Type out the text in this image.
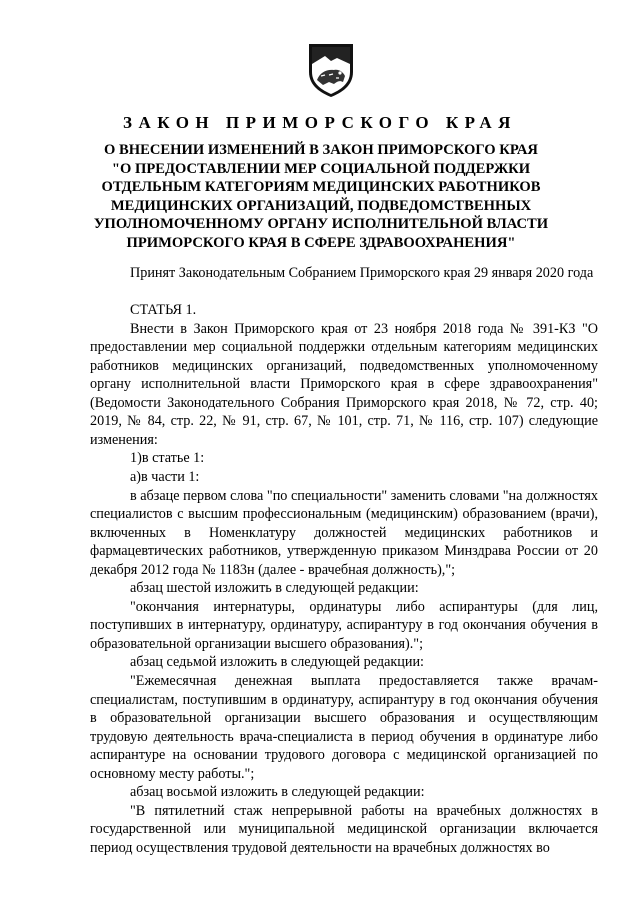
ЗАКОН ПРИМОРСКОГО КРАЯ
О ВНЕСЕНИИ ИЗМЕНЕНИЙ В ЗАКОН ПРИМОРСКОГО КРАЯ
"О ПРЕДОСТАВЛЕНИИ МЕР СОЦИАЛЬНОЙ ПОДДЕРЖКИ
ОТДЕЛЬНЫМ КАТЕГОРИЯМ МЕДИЦИНСКИХ РАБОТНИКОВ
МЕДИЦИНСКИХ ОРГАНИЗАЦИЙ, ПОДВЕДОМСТВЕННЫХ
УПОЛНОМОЧЕННОМУ ОРГАНУ ИСПОЛНИТЕЛЬНОЙ ВЛАСТИ
ПРИМОРСКОГО КРАЯ В СФЕРЕ ЗДРАВООХРАНЕНИЯ"

Принят Законодательным Собранием Приморского края 29 января 2020 года

СТАТЬЯ 1.

Внести в Закон Приморского края от 23 ноября 2018 года № 391-КЗ "О предоставлении мер социальной поддержки отдельным категориям медицинских работников медицинских организаций, подведомственных уполномоченному органу исполнительной власти Приморского края в сфере здравоохранения" (Ведомости Законодательного Собрания Приморского края 2018, № 72, стр. 40; 2019, № 84, стр. 22, № 91, стр. 67, № 101, стр. 71, № 116, стр. 107) следующие изменения:

1)в статье 1:

а)в части 1:

в абзаце первом слова "по специальности" заменить словами "на должностях специалистов с высшим профессиональным (медицинским) образованием (врачи), включенных в Номенклатуру должностей медицинских работников и фармацевтических работников, утвержденную приказом Минздрава России от 20 декабря 2012 года № 1183н (далее - врачебная должность),";

абзац шестой изложить в следующей редакции:

"окончания интернатуры, ординатуры либо аспирантуры (для лиц, поступивших в интернатуру, ординатуру, аспирантуру в год окончания обучения в образовательной организации высшего образования).";

абзац седьмой изложить в следующей редакции:

"Ежемесячная денежная выплата предоставляется также врачам-специалистам, поступившим в ординатуру, аспирантуру в год окончания обучения в образовательной организации высшего образования и осуществляющим трудовую деятельность врача-специалиста в период обучения в ординатуре либо аспирантуре на основании трудового договора с медицинской организацией по основному месту работы.";

абзац восьмой изложить в следующей редакции:

"В пятилетний стаж непрерывной работы на врачебных должностях в государственной или муниципальной медицинской организации включается период осуществления трудовой деятельности на врачебных должностях во
